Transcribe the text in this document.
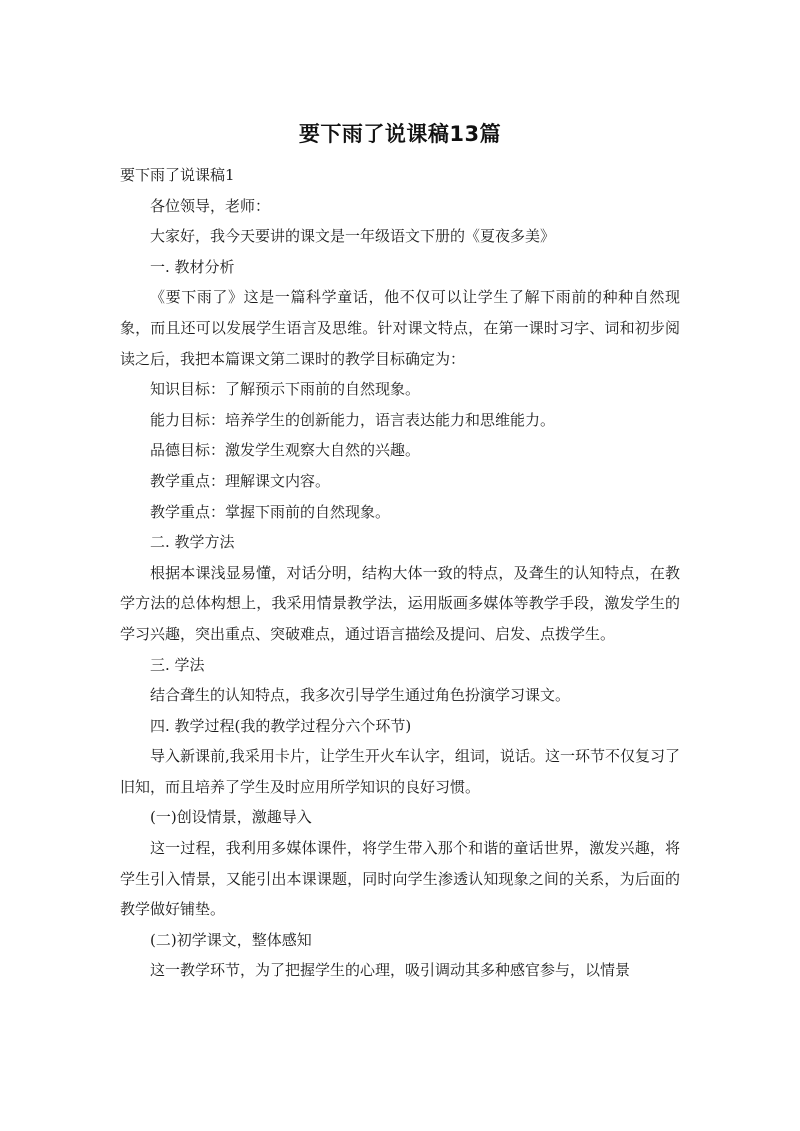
要下雨了说课稿13篇

要下雨了说课稿1

各位领导，老师：

大家好，我今天要讲的课文是一年级语文下册的《夏夜多美》

一. 教材分析

《要下雨了》这是一篇科学童话，他不仅可以让学生了解下雨前的种种自然现象，而且还可以发展学生语言及思维。针对课文特点，在第一课时习字、词和初步阅读之后，我把本篇课文第二课时的教学目标确定为：

知识目标：了解预示下雨前的自然现象。

能力目标：培养学生的创新能力，语言表达能力和思维能力。

品德目标：激发学生观察大自然的兴趣。

教学重点：理解课文内容。

教学重点：掌握下雨前的自然现象。

二. 教学方法

根据本课浅显易懂，对话分明，结构大体一致的特点，及聋生的认知特点，在教学方法的总体构想上，我采用情景教学法，运用版画多媒体等教学手段，激发学生的学习兴趣，突出重点、突破难点，通过语言描绘及提问、启发、点拨学生。

三. 学法

结合聋生的认知特点，我多次引导学生通过角色扮演学习课文。

四. 教学过程(我的教学过程分六个环节)

导入新课前,我采用卡片，让学生开火车认字，组词，说话。这一环节不仅复习了旧知，而且培养了学生及时应用所学知识的良好习惯。

(一)创设情景，激趣导入

这一过程，我利用多媒体课件，将学生带入那个和谐的童话世界，激发兴趣，将学生引入情景，又能引出本课课题，同时向学生渗透认知现象之间的关系，为后面的教学做好铺垫。

(二)初学课文，整体感知

这一教学环节，为了把握学生的心理，吸引调动其多种感官参与，以情景
